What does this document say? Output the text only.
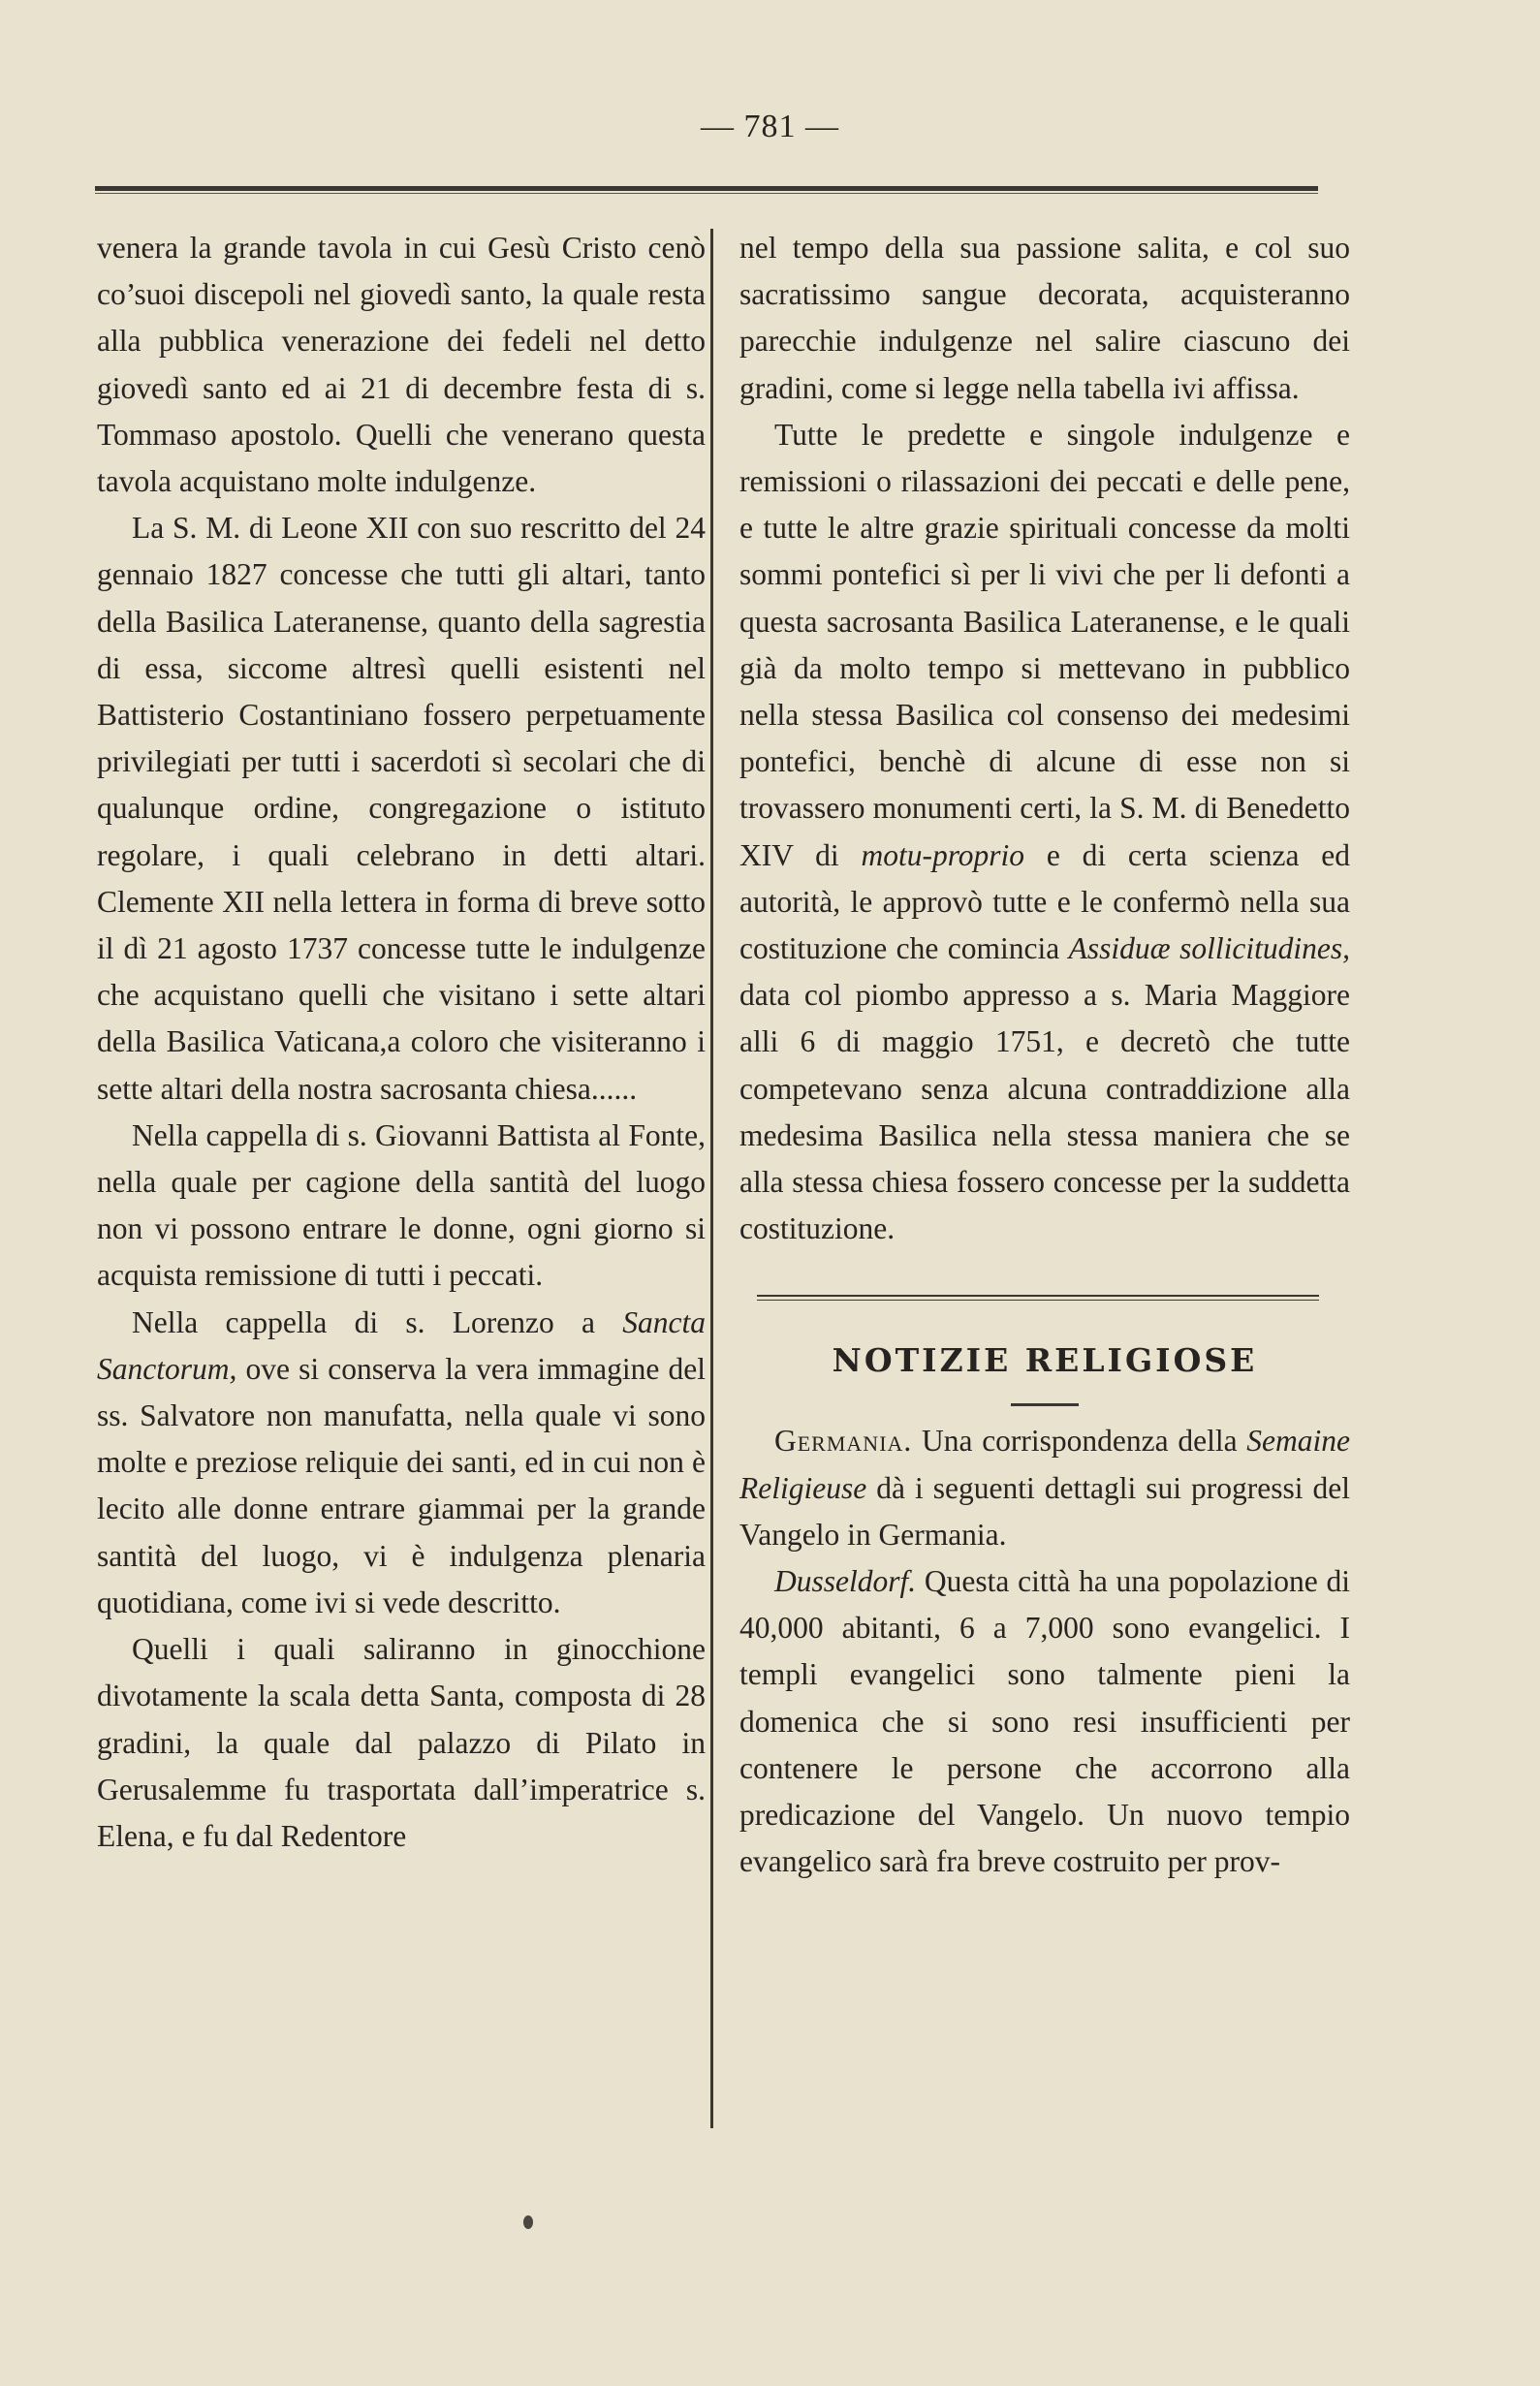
— 781 —

venera la grande tavola in cui Gesù Cristo cenò co’suoi discepoli nel giovedì santo, la quale resta alla pubblica venerazione dei fedeli nel detto giovedì santo ed ai 21 di decembre festa di s. Tommaso apostolo. Quelli che venerano questa tavola acquistano molte indulgenze.

La S. M. di Leone XII con suo rescritto del 24 gennaio 1827 concesse che tutti gli altari, tanto della Basilica Lateranense, quanto della sagrestia di essa, siccome altresì quelli esistenti nel Battisterio Costantiniano fossero perpetuamente privilegiati per tutti i sacerdoti sì secolari che di qualunque ordine, congregazione o istituto regolare, i quali celebrano in detti altari. Clemente XII nella lettera in forma di breve sotto il dì 21 agosto 1737 concesse tutte le indulgenze che acquistano quelli che visitano i sette altari della Basilica Vaticana,a coloro che visiteranno i sette altari della nostra sacrosanta chiesa......

Nella cappella di s. Giovanni Battista al Fonte, nella quale per cagione della santità del luogo non vi possono entrare le donne, ogni giorno si acquista remissione di tutti i peccati.

Nella cappella di s. Lorenzo a Sancta Sanctorum, ove si conserva la vera immagine del ss. Salvatore non manufatta, nella quale vi sono molte e preziose reliquie dei santi, ed in cui non è lecito alle donne entrare giammai per la grande santità del luogo, vi è indulgenza plenaria quotidiana, come ivi si vede descritto.

Quelli i quali saliranno in ginocchione divotamente la scala detta Santa, composta di 28 gradini, la quale dal palazzo di Pilato in Gerusalemme fu trasportata dall’imperatrice s. Elena, e fu dal Redentore

nel tempo della sua passione salita, e col suo sacratissimo sangue decorata, acquisteranno parecchie indulgenze nel salire ciascuno dei gradini, come si legge nella tabella ivi affissa.

Tutte le predette e singole indulgenze e remissioni o rilassazioni dei peccati e delle pene, e tutte le altre grazie spirituali concesse da molti sommi pontefici sì per li vivi che per li defonti a questa sacrosanta Basilica Lateranense, e le quali già da molto tempo si mettevano in pubblico nella stessa Basilica col consenso dei medesimi pontefici, benchè di alcune di esse non si trovassero monumenti certi, la S. M. di Benedetto XIV di motu-proprio e di certa scienza ed autorità, le approvò tutte e le confermò nella sua costituzione che comincia Assiduæ sollicitudines, data col piombo appresso a s. Maria Maggiore alli 6 di maggio 1751, e decretò che tutte competevano senza alcuna contraddizione alla medesima Basilica nella stessa maniera che se alla stessa chiesa fossero concesse per la suddetta costituzione.

NOTIZIE RELIGIOSE

Germania. Una corrispondenza della Semaine Religieuse dà i seguenti dettagli sui progressi del Vangelo in Germania.

Dusseldorf. Questa città ha una popolazione di 40,000 abitanti, 6 a 7,000 sono evangelici. I templi evangelici sono talmente pieni la domenica che si sono resi insufficienti per contenere le persone che accorrono alla predicazione del Vangelo. Un nuovo tempio evangelico sarà fra breve costruito per prov-
